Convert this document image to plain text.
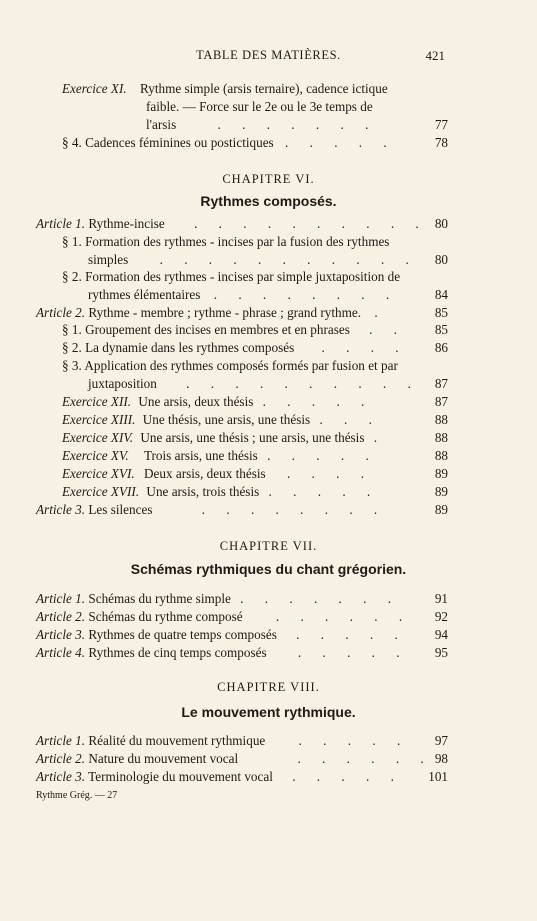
TABLE DES MATIÈRES.	421
Exercice XI. Rythme simple (arsis ternaire), cadence ictique
faible. — Force sur le 2e ou le 3e temps de
l'arsis	. . . . . . .	77
§ 4. Cadences féminines ou postictiques . . . . .	78
CHAPITRE VI.
Rythmes composés.
Article 1. Rythme-incise . . . . . . . . . . 80
§ 1. Formation des rythmes - incises par la fusion des rythmes
simples . . . . . . . . . . .	80
§ 2. Formation des rythmes - incises par simple juxtaposition de
rythmes élémentaires . . . . . . . .	84
Article 2. Rythme - membre ; rythme - phrase ; grand rythme. .	85
§ 1. Groupement des incises en membres et en phrases . .	85
§ 2. La dynamie dans les rythmes composés . . . .	86
§ 3. Application des rythmes composés formés par fusion et par
juxtaposition . . . . . . . . . .	87
Exercice XII. Une arsis, deux thésis . . . . .	87
Exercice XIII. Une thésis, une arsis, une thésis . . .	88
Exercice XIV. Une arsis, une thésis ; une arsis, une thésis .	88
Exercice XV. Trois arsis, une thésis . . . . .	88
Exercice XVI. Deux arsis, deux thésis . . . .	89
Exercice XVII. Une arsis, trois thésis . . . . .	89
Article 3. Les silences	. . . . . . . .	89
CHAPITRE VII.
Schémas rythmiques du chant grégorien.
Article 1. Schémas du rythme simple . . . . . . .	91
Article 2. Schémas du rythme composé	. . . . . .	92
Article 3. Rythmes de quatre temps composés . . . . .	94
Article 4. Rythmes de cinq temps composés . . . . .	95
CHAPITRE VIII.
Le mouvement rythmique.
Article 1. Réalité du mouvement rythmique	. . . . .	97
Article 2. Nature du mouvement vocal	. . . . . . 98
Article 3. Terminologie du mouvement vocal . . . . .	101
Rythme Grég. — 27
